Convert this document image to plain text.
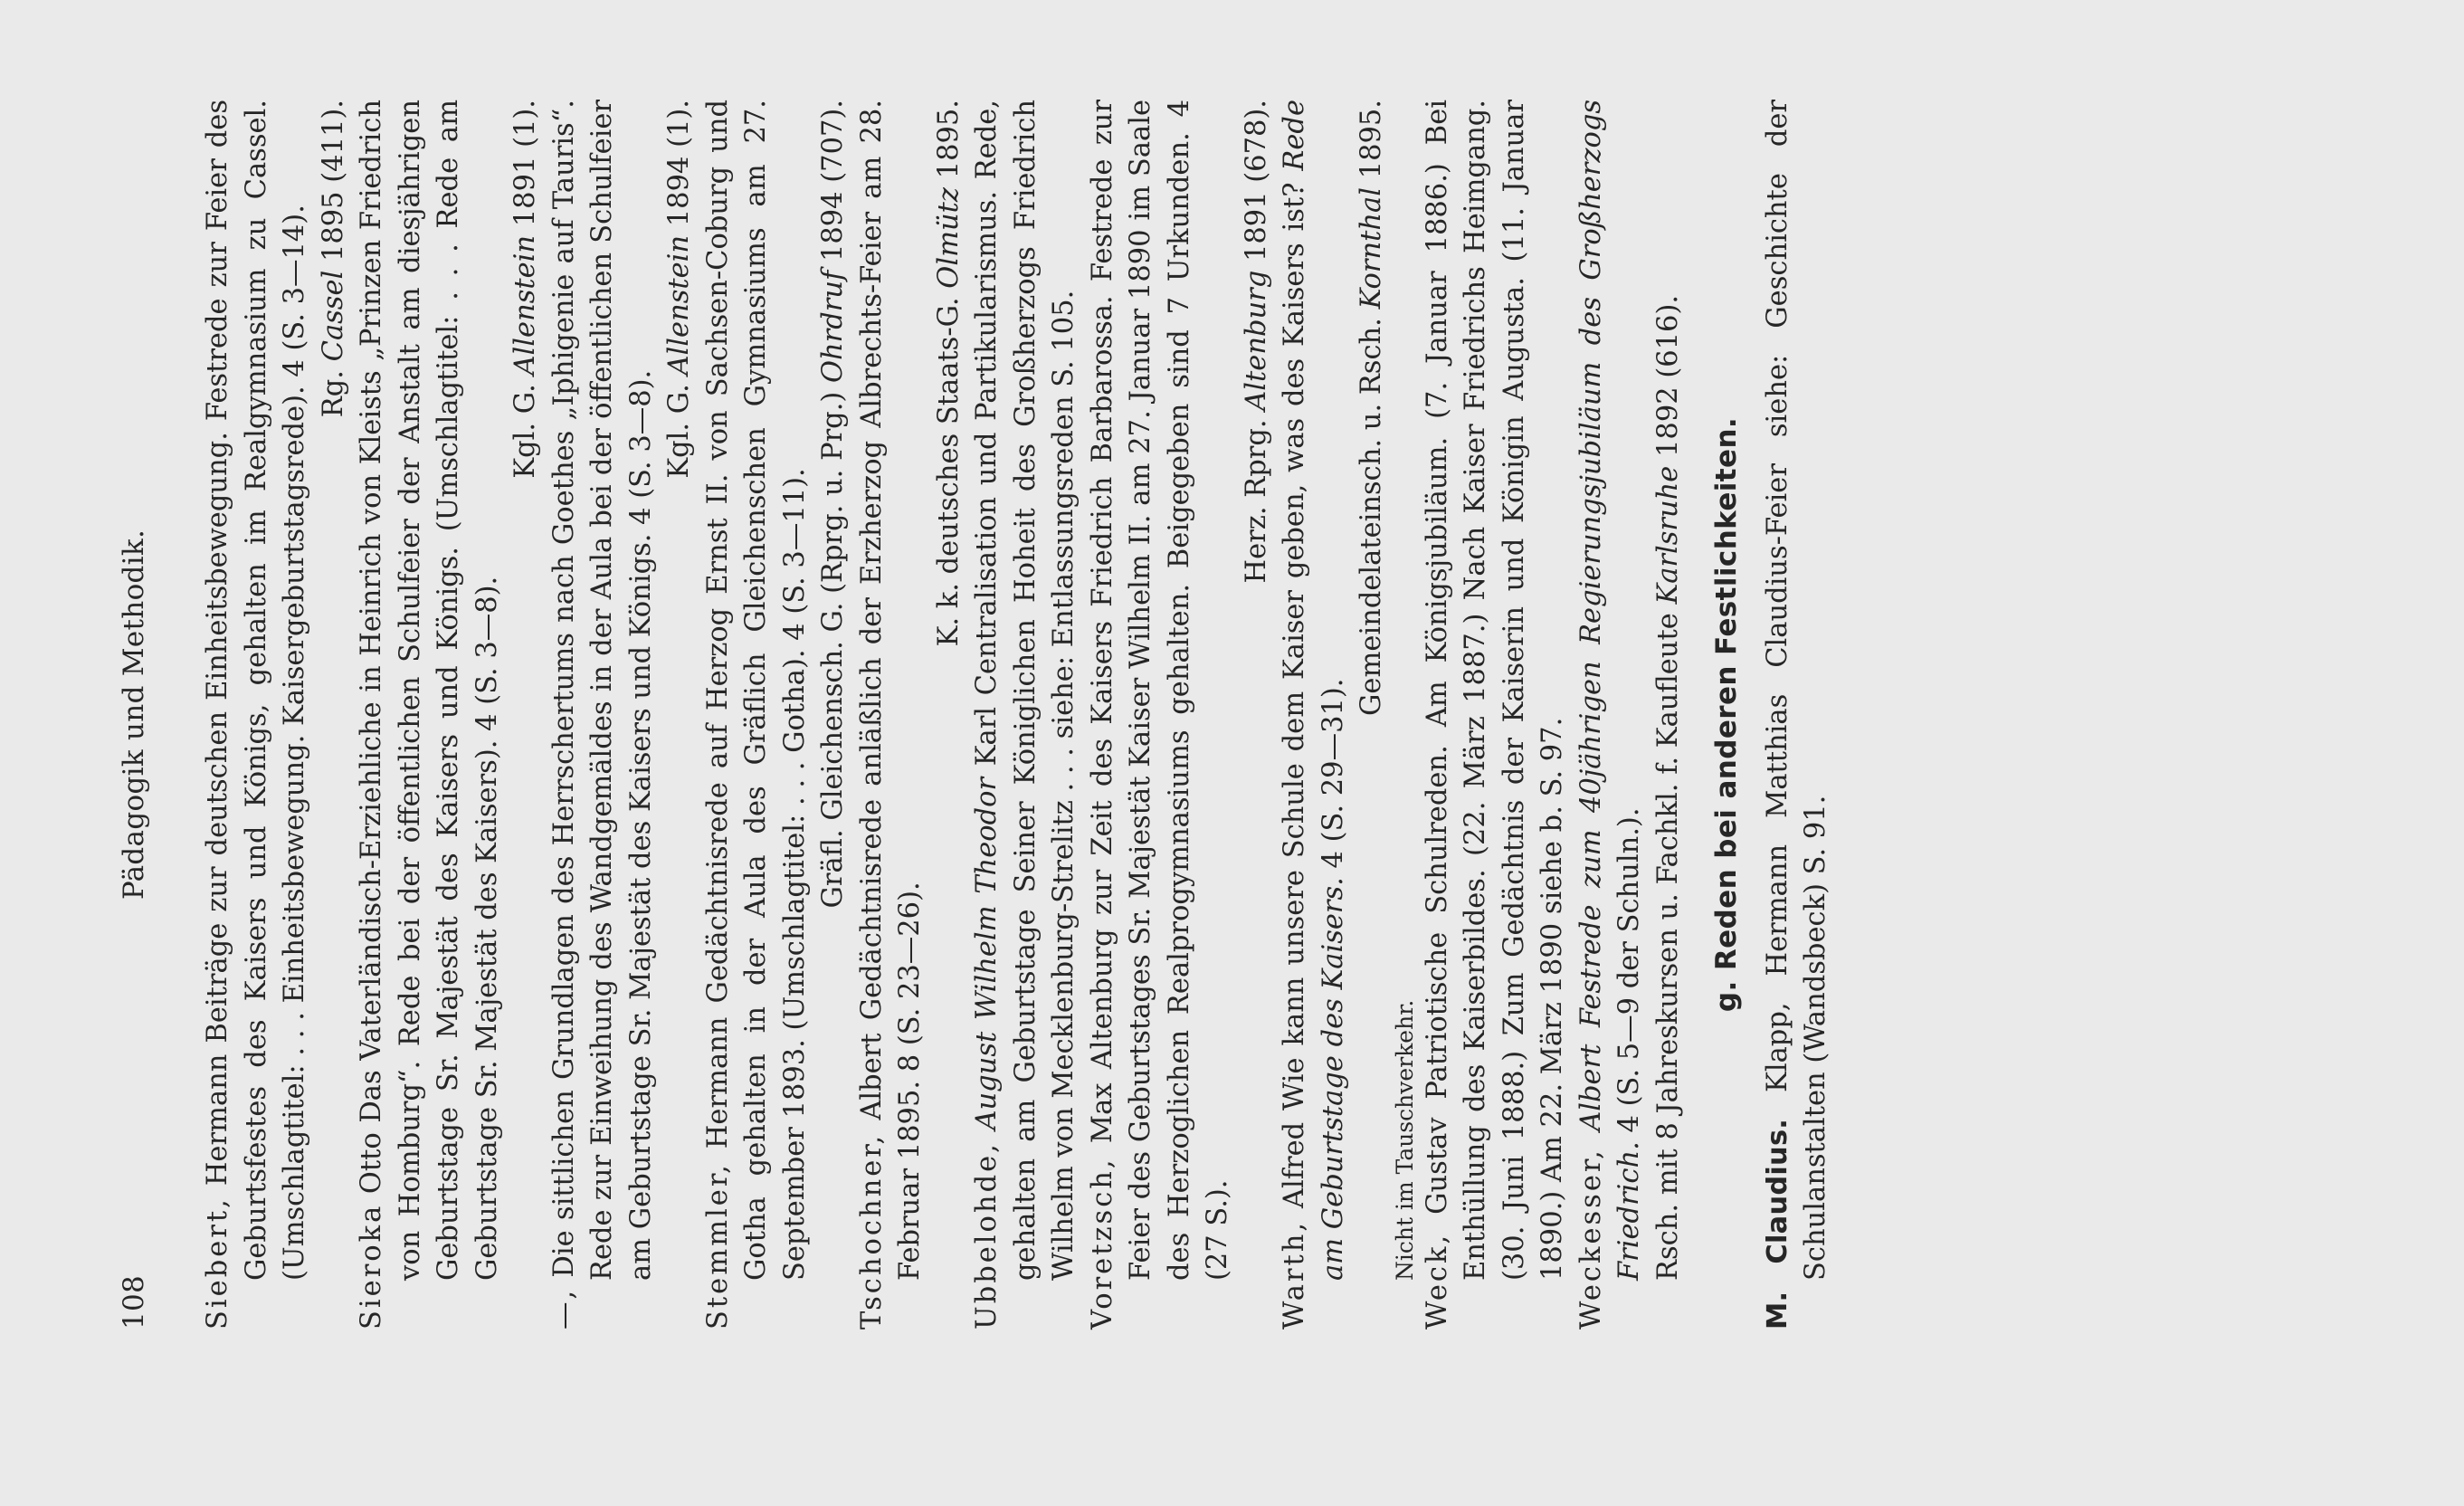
108
Pädagogik und Methodik.

Siebert, Hermann Beiträge zur deutschen Einheitsbewegung. Festrede zur Feier des Geburtsfestes des Kaisers und Königs, gehalten im Realgymnasium zu Cassel. (Umschlagtitel: . . . Einheitsbewegung. Kaisergeburtstagsrede). 4 (S. 3—14). Rg. Cassel 1895 (411).

Sieroka Otto Das Vaterländisch-Erziehliche in Heinrich von Kleists „Prinzen Friedrich von Homburg“. Rede bei der öffentlichen Schulfeier der Anstalt am diesjährigen Geburtstage Sr. Majestät des Kaisers und Königs. (Umschlagtitel: . . . Rede am Geburtstage Sr. Majestät des Kaisers). 4 (S. 3—8).

Kgl. G. Allenstein 1891 (1).

—, Die sittlichen Grundlagen des Herrschertums nach Goethes „Iphigenie auf Tauris“. Rede zur Einweihung des Wandgemäldes in der Aula bei der öffentlichen Schulfeier am Geburtstage Sr. Majestät des Kaisers und Königs. 4 (S. 3—8). Kgl. G. Allenstein 1894 (1).

Stemmler, Hermann Gedächtnisrede auf Herzog Ernst II. von Sachsen-Coburg und Gotha gehalten in der Aula des Gräflich Gleichenschen Gymnasiums am 27. September 1893. (Umschlagtitel: . . . Gotha). 4 (S. 3—11). Gräfl. Gleichensch. G. (Rprg. u. Prg.) Ohrdruf 1894 (707).

Tschochner, Albert Gedächtnisrede anläßlich der Erzherzog Albrechts-Feier am 28. Februar 1895. 8 (S. 23—26).

K. k. deutsches Staats-G. Olmütz 1895.

Ubbelohde, August Wilhelm Theodor Karl Centralisation und Partikularismus. Rede, gehalten am Geburtstage Seiner Königlichen Hoheit des Großherzogs Friedrich Wilhelm von Mecklenburg-Strelitz . . . siehe: Entlassungsreden S. 105. Voretzsch, Max Altenburg zur Zeit des Kaisers Friedrich Barbarossa. Festrede zur Feier des Geburtstages Sr. Majestät Kaiser Wilhelm II. am 27. Januar 1890 im Saale des Herzoglichen Realprogymnasiums gehalten. Beigegeben sind 7 Urkunden. 4 (27 S.).

Herz. Rprg. Altenburg 1891 (678).

Warth, Alfred Wie kann unsere Schule dem Kaiser geben, was des Kaisers ist? Rede am Geburtstage des Kaisers. 4 (S. 29—31).

Gemeindelateinsch. u. Rsch. Kornthal 1895.

Nicht im Tauschverkehr.

Weck, Gustav Patriotische Schulreden. Am Königsjubiläum. (7. Januar 1886.) Bei Enthüllung des Kaiserbildes. (22. März 1887.) Nach Kaiser Friedrichs Heimgang. (30. Juni 1888.) Zum Gedächtnis der Kaiserin und Königin Augusta. (11. Januar 1890.) Am 22. März 1890 siehe b. S. 97. Weckesser, Albert Festrede zum 40jährigen Regierungsjubiläum des Großherzogs Friedrich. 4 (S. 5—9 der Schuln.). Rsch. mit 8 Jahreskursen u. Fachkl. f. Kaufleute Karlsruhe 1892 (616).

g. Reden bei anderen Festlichkeiten.

M. Claudius. Klapp, Hermann Matthias Claudius-Feier siehe: Geschichte der Schulanstalten (Wandsbeck) S. 91.
